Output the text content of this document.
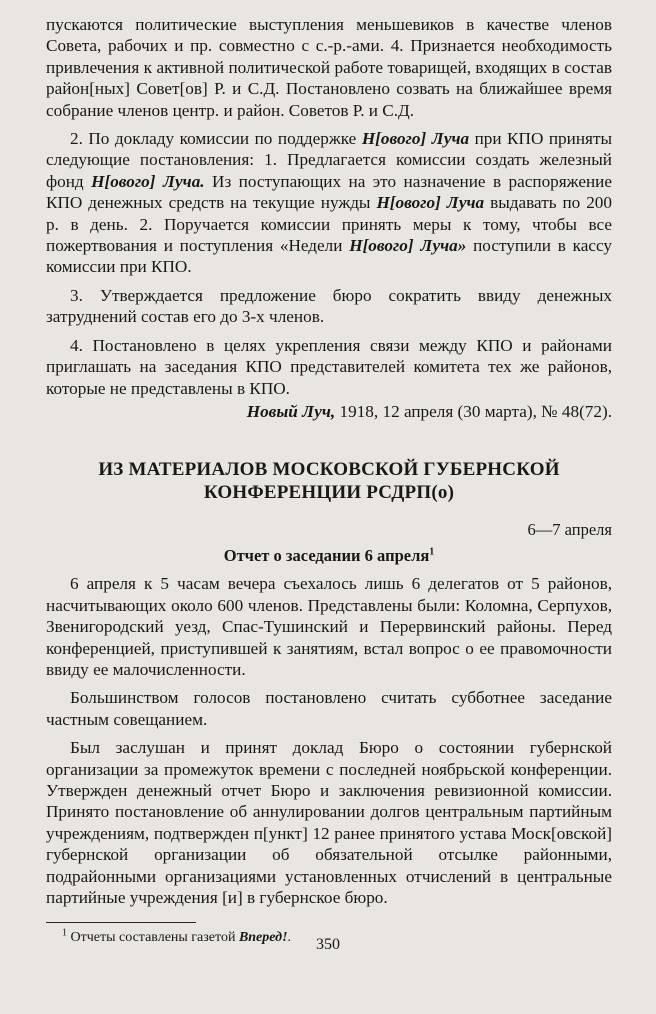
пускаются политические выступления меньшевиков в качестве членов Совета, рабочих и пр. совместно с с.-р.-ами. 4. Признается необходимость привлечения к активной политической работе товарищей, входящих в состав район[ных] Совет[ов] Р. и С.Д. Постановлено созвать на ближайшее время собрание членов центр. и район. Советов Р. и С.Д.

2. По докладу комиссии по поддержке Н[ового] Луча при КПО приняты следующие постановления: 1. Предлагается комиссии создать железный фонд Н[ового] Луча. Из поступающих на это назначение в распоряжение КПО денежных средств на текущие нужды Н[ового] Луча выдавать по 200 р. в день. 2. Поручается комиссии принять меры к тому, чтобы все пожертвования и поступления «Недели Н[ового] Луча» поступили в кассу комиссии при КПО.

3. Утверждается предложение бюро сократить ввиду денежных затруднений состав его до 3-х членов.

4. Постановлено в целях укрепления связи между КПО и районами приглашать на заседания КПО представителей комитета тех же районов, которые не представлены в КПО.

Новый Луч, 1918, 12 апреля (30 марта), № 48(72).

ИЗ МАТЕРИАЛОВ МОСКОВСКОЙ ГУБЕРНСКОЙ
КОНФЕРЕНЦИИ РСДРП(о)
6—7 апреля
Отчет о заседании 6 апреля$^1$

6 апреля к 5 часам вечера съехалось лишь 6 делегатов от 5 районов, насчитывающих около 600 членов. Представлены были: Коломна, Серпухов, Звенигородский уезд, Спас-Тушинский и Перервинский районы. Перед конференцией, приступившей к занятиям, встал вопрос о ее правомочности ввиду ее малочисленности.

Большинством голосов постановлено считать субботнее заседание частным совещанием.

Был заслушан и принят доклад Бюро о состоянии губернской организации за промежуток времени с последней ноябрьской конференции. Утвержден денежный отчет Бюро и заключения ревизионной комиссии. Принято постановление об аннулировании долгов центральным партийным учреждениям, подтвержден п[ункт] 12 ранее принятого устава Моск[овской] губернской организации об обязательной отсылке районными, подрайонными организациями установленных отчислений в центральные партийные учреждения [и] в губернское бюро.

$^1$ Отчеты составлены газетой Вперед!.	350
